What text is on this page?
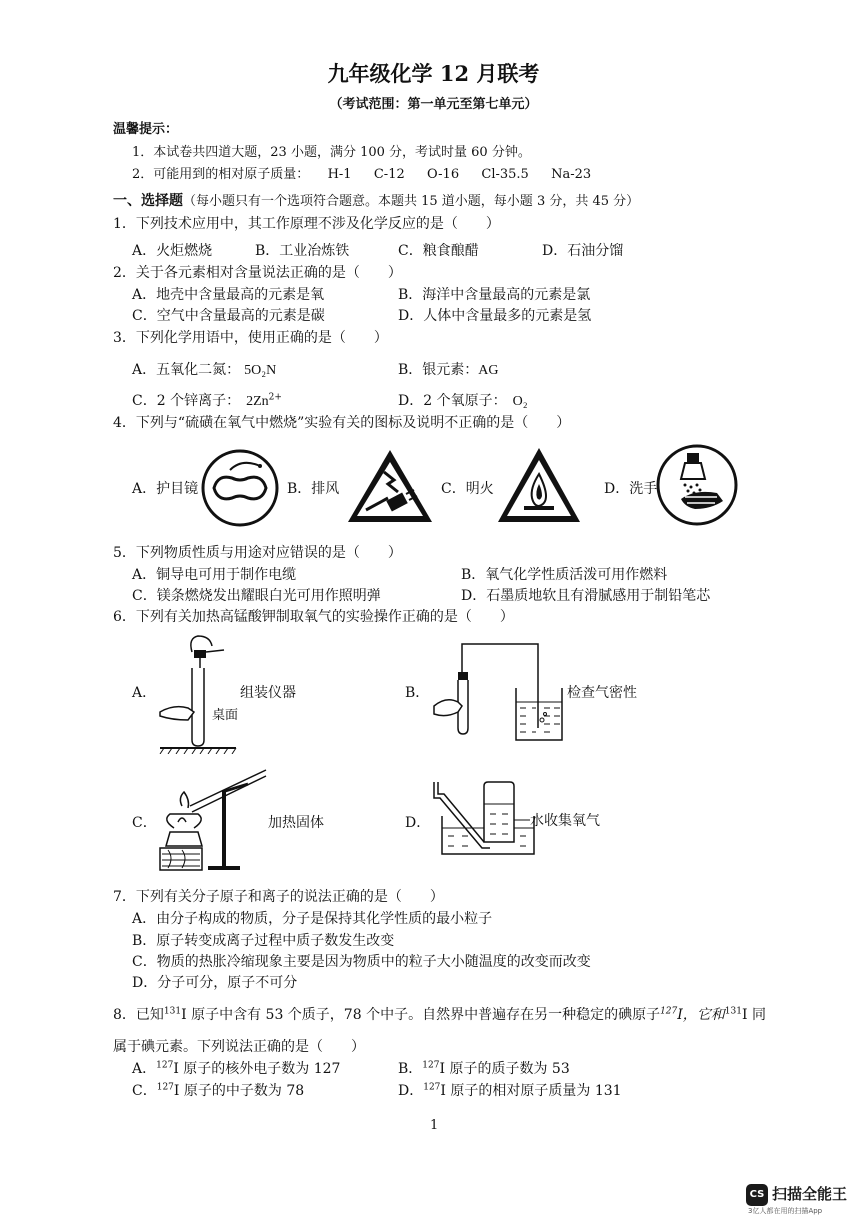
九年级化学 12 月联考
（考试范围：第一单元至第七单元）
温馨提示：
1．本试卷共四道大题，23 小题，满分 100 分，考试时量 60 分钟。
2．可能用到的相对原子质量： H-1 C-12 O-16 Cl-35.5 Na-23
一、选择题（每小题只有一个选项符合题意。本题共 15 道小题，每小题 3 分，共 45 分）
1．下列技术应用中，其工作原理不涉及化学反应的是（　　）
A．火炬燃烧	B．工业冶炼铁	C．粮食酿醋	D．石油分馏
2．关于各元素相对含量说法正确的是（　　）
A．地壳中含量最高的元素是氧	B．海洋中含量最高的元素是氯
C．空气中含量最高的元素是碳	D．人体中含量最多的元素是氢
3．下列化学用语中，使用正确的是（　　）
A．五氧化二氮： 5O₂N	B．银元素：AG
C．2 个锌离子： $2Zn^{2+}$	D．2 个氧原子： O₂
4．下列与“硫磺在氧气中燃烧”实验有关的图标及说明不正确的是（　　）
A．护目镜	B．排风	C．明火	D．洗手
5．下列物质性质与用途对应错误的是（　　）
A．铜导电可用于制作电缆	B．氧气化学性质活泼可用作燃料
C．镁条燃烧发出耀眼白光可用作照明弹	D．石墨质地软且有滑腻感用于制铅笔芯
6．下列有关加热高锰酸钾制取氧气的实验操作正确的是（　　）
A．
桌面
组装仪器	B．	检查气密性
C．	加热固体	D．	水收集氧气
7．下列有关分子原子和离子的说法正确的是（　　）
A．由分子构成的物质，分子是保持其化学性质的最小粒子
B．原子转变成离子过程中质子数发生改变
C．物质的热胀冷缩现象主要是因为物质中的粒子大小随温度的改变而改变
D．分子可分，原子不可分
8．已知$^{131}$I 原子中含有 53 个质子，78 个中子。自然界中普遍存在另一种稳定的碘原子$^{127}$I，它和$^{131}$I 同
属于碘元素。下列说法正确的是（　　）
A．$^{127}$I 原子的核外电子数为 127	B．$^{127}$I 原子的质子数为 53
C．$^{127}$I 原子的中子数为 78	D．$^{127}$I 原子的相对原子质量为 131
1
CS 扫描全能王
3亿人都在用的扫描App
